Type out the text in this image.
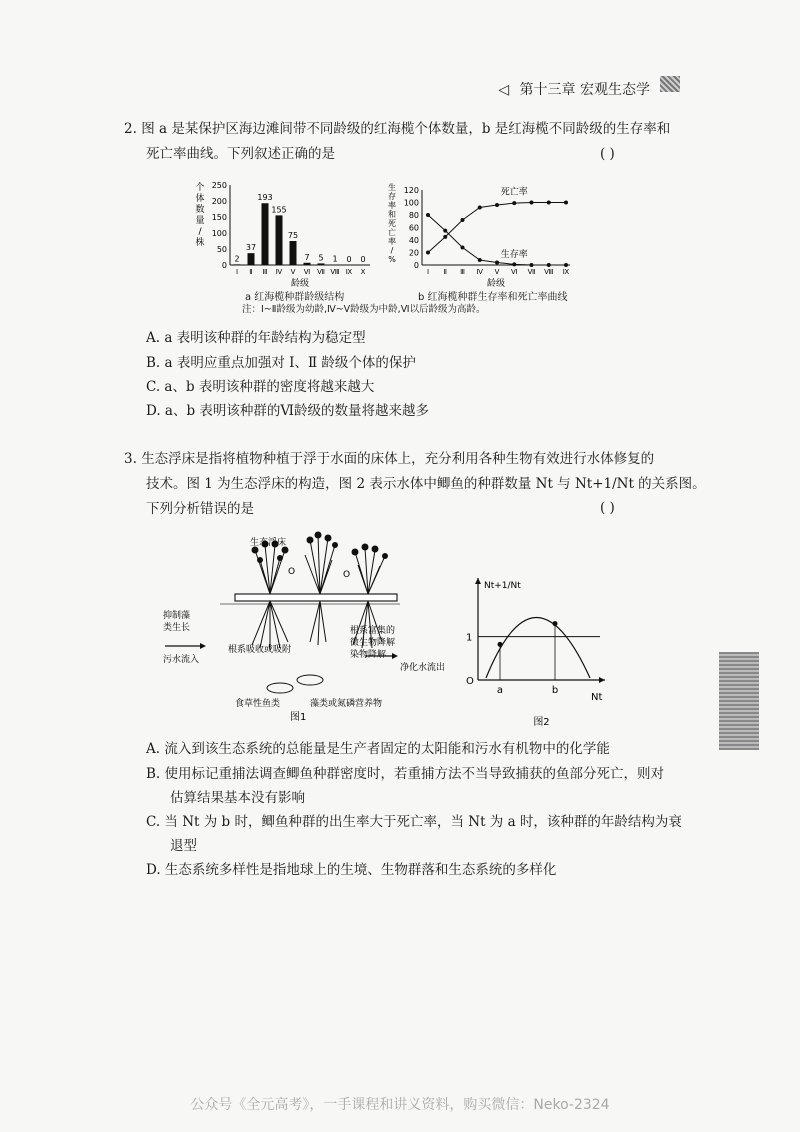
◁ 第十三章 宏观生态学
2. 图 a 是某保护区海边滩间带不同龄级的红海榄个体数量，b 是红海榄不同龄级的生存率和
死亡率曲线。下列叙述正确的是	( )
0
50
100
150
200
250
2
Ⅰ
37
Ⅱ
193
Ⅲ
155
Ⅳ
75
Ⅴ
7
Ⅵ
5
Ⅶ
1
Ⅷ
0
Ⅸ
0
Ⅹ
龄级
个
体
数
量
/
株
0
20
40
60
80
100
120
Ⅰ Ⅱ Ⅲ Ⅳ Ⅴ Ⅵ Ⅶ Ⅷ Ⅸ
死亡率
生存率
龄级
生
存
率
和
死
亡
率
/
%
a 红海榄种群龄级结构	b 红海榄种群生存率和死亡率曲线
注：Ⅰ~Ⅱ龄级为幼龄,Ⅳ~Ⅴ龄级为中龄,Ⅵ以后龄级为高龄。
A. a 表明该种群的年龄结构为稳定型
B. a 表明应重点加强对 Ⅰ、Ⅱ 龄级个体的保护
C. a、b 表明该种群的密度将越来越大
D. a、b 表明该种群的Ⅵ龄级的数量将越来越多
3. 生态浮床是指将植物种植于浮于水面的床体上，充分利用各种生物有效进行水体修复的
技术。图 1 为生态浮床的构造，图 2 表示水体中鲫鱼的种群数量 Nt 与 Nt+1/Nt 的关系图。
下列分析错误的是	( )
生态浮床
O	O
抑制藻
类生长
根系吸收或吸附
根系富集的
微生物降解
染物降解
污水流入
净化水流出
食草性鱼类	藻类或氮磷营养物
图1
a	b
O
1
Nt+1/Nt
Nt
图2
A. 流入到该生态系统的总能量是生产者固定的太阳能和污水有机物中的化学能
B. 使用标记重捕法调查鲫鱼种群密度时，若重捕方法不当导致捕获的鱼部分死亡，则对
估算结果基本没有影响
C. 当 Nt 为 b 时，鲫鱼种群的出生率大于死亡率，当 Nt 为 a 时，该种群的年龄结构为衰
退型
D. 生态系统多样性是指地球上的生境、生物群落和生态系统的多样化
公众号《全元高考》，一手课程和讲义资料，购买微信：Neko-2324
